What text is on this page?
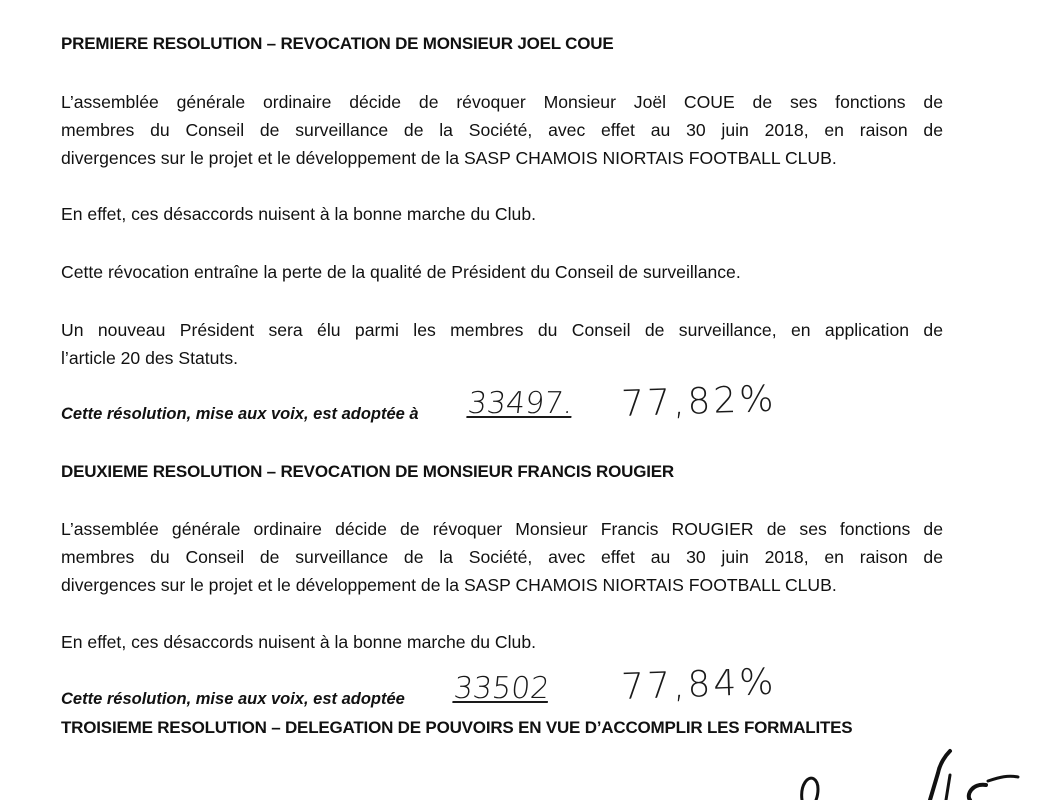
PREMIERE RESOLUTION – REVOCATION DE MONSIEUR JOEL COUE

L’assemblée générale ordinaire décide de révoquer Monsieur Joël COUE de ses fonctions de
membres du Conseil de surveillance de la Société, avec effet au 30 juin 2018, en raison de
divergences sur le projet et le développement de la SASP CHAMOIS NIORTAIS FOOTBALL CLUB.

En effet, ces désaccords nuisent à la bonne marche du Club.

Cette révocation entraîne la perte de la qualité de Président du Conseil de surveillance.

Un nouveau Président sera élu parmi les membres du Conseil de surveillance, en application de
l’article 20 des Statuts.

Cette résolution, mise aux voix, est adoptée à	33497. 77,82%

DEUXIEME RESOLUTION – REVOCATION DE MONSIEUR FRANCIS ROUGIER

L’assemblée générale ordinaire décide de révoquer Monsieur Francis ROUGIER de ses fonctions de
membres du Conseil de surveillance de la Société, avec effet au 30 juin 2018, en raison de
divergences sur le projet et le développement de la SASP CHAMOIS NIORTAIS FOOTBALL CLUB.

En effet, ces désaccords nuisent à la bonne marche du Club.

Cette résolution, mise aux voix, est adoptée	33502 77,84%

TROISIEME RESOLUTION – DELEGATION DE POUVOIRS EN VUE D’ACCOMPLIR LES FORMALITES
